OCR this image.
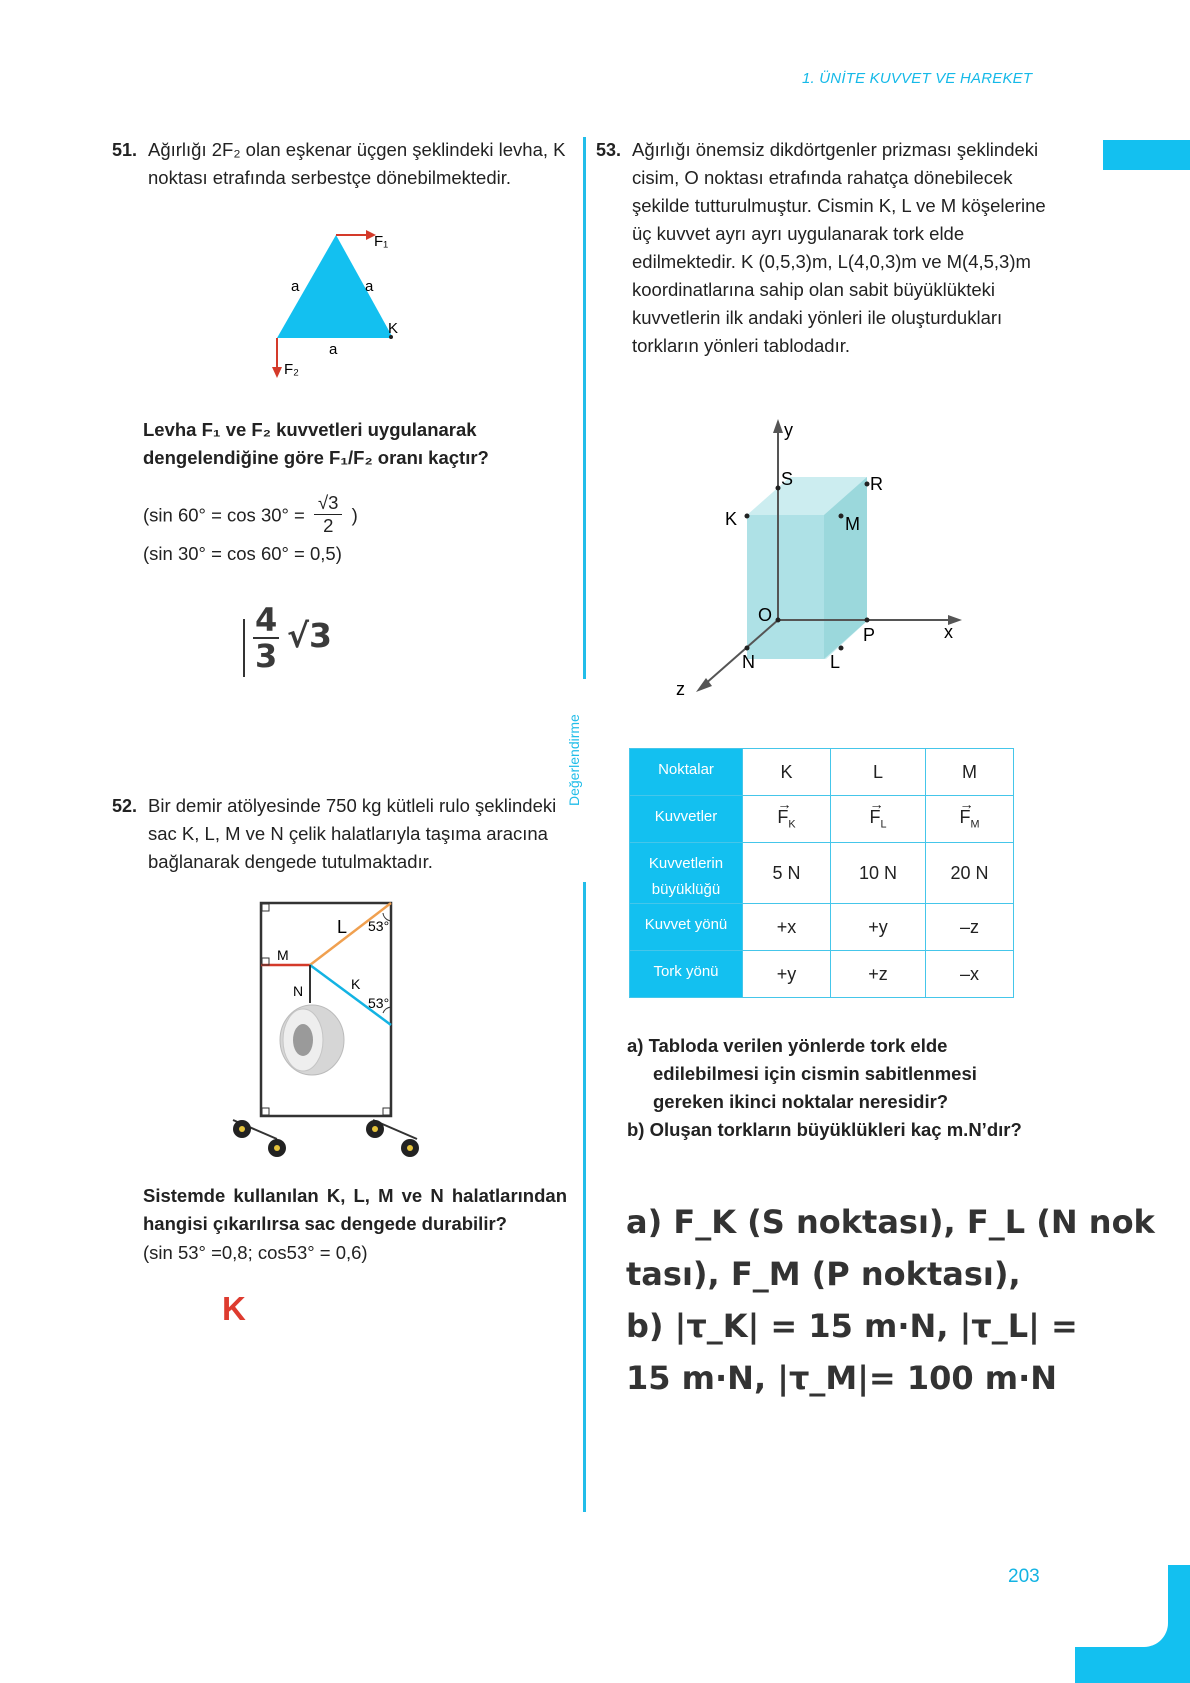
1. ÜNİTE KUVVET VE HAREKET
203
Değerlendirme
51. Ağırlığı 2F₂ olan eşkenar üçgen şeklindeki levha, K noktası etrafında serbestçe dönebilmektedir.
F₁
F₂
a	a
a
K
Levha F₁ ve F₂ kuvvetleri uygulanarak dengelendiğine göre F₁/F₂ oranı kaçtır?
(sin $60^\circ = \cos 30^\circ = \frac{√3}{2}$ )
(sin 30° = cos 60° = 0,5)
$\frac{4}{3} √3$
52. Bir demir atölyesinde 750 kg kütleli rulo şeklindeki sac K, L, M ve N çelik halatlarıyla taşıma aracına bağlanarak dengede tutulmaktadır.
L 53°
M
N	K
53°
Sistemde kullanılan K, L, M ve N halatlarından hangisi çıkarılırsa sac dengede durabilir?
(sin 53° =0,8; cos53° = 0,6)
K
53. Ağırlığı önemsiz dikdörtgenler prizması şeklindeki cisim, O noktası etrafında rahatça dönebilecek şekilde tutturulmuştur. Cismin K, L ve M köşelerine üç kuvvet ayrı ayrı uygulanarak tork elde edilmektedir. K (0,5,3)m, L(4,0,3)m ve M(4,5,3)m koordinatlarına sahip olan sabit büyüklükteki kuvvetlerin ilk andaki yönleri ile oluşturdukları torkların yönleri tablodadır.
y
x
z
S	R
K	M
O
P
N	L
Noktalar	K	L	M
Kuvvetler	→ $F_K$	→ $F_L$	→ $F_M$
Kuvvetlerin büyüklüğü	5 N	10 N	20 N
Kuvvet yönü	+x	+y	–z
Tork yönü	+y	+z	–x
a) Tabloda verilen yönlerde tork elde edilebilmesi için cismin sabitlenmesi gereken ikinci noktalar neresidir?
b) Oluşan torkların büyüklükleri kaç m.N’dır?
a) F_K (S noktası), F_L (N nok
tası), F_M (P noktası),
b) |τ_K| = 15 m·N, |τ_L| =
15 m·N, |τ_M|= 100 m·N
